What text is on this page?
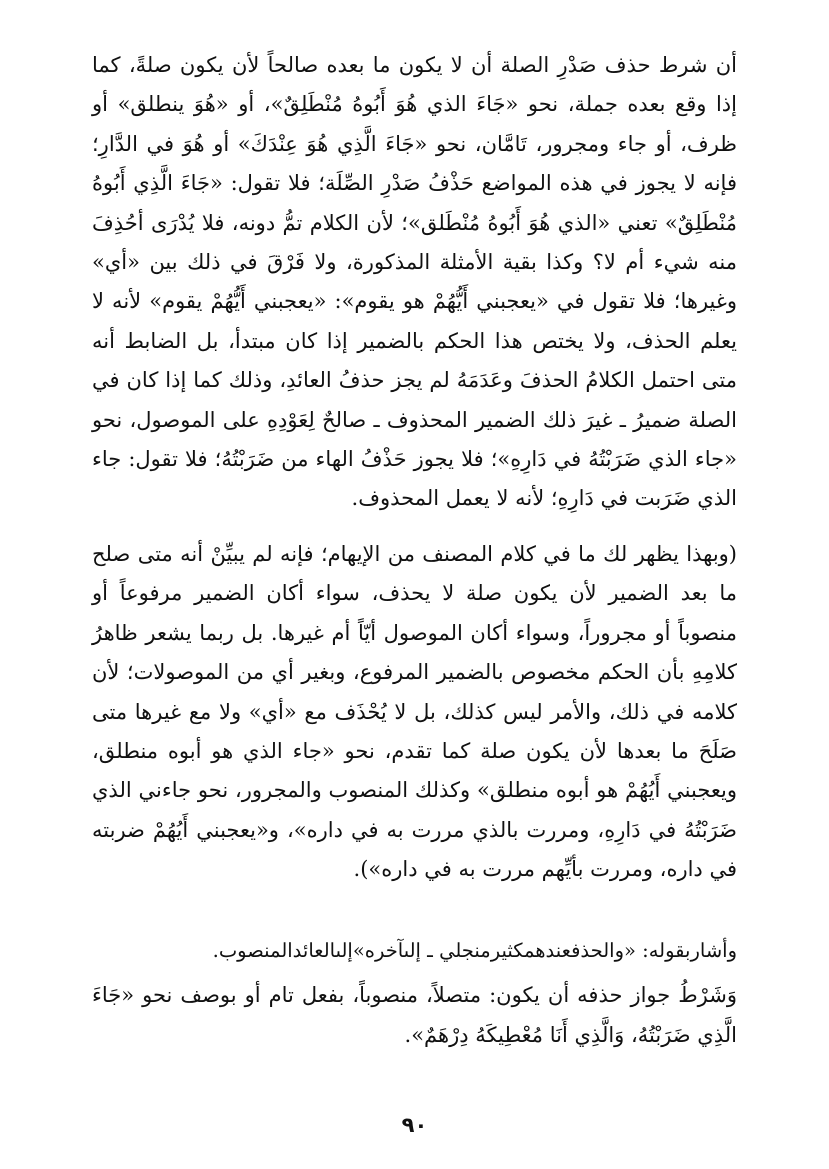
أن شرط حذف صَدْرِ الصلة أن لا يكون ما بعده صالحاً لأن يكون صلةً، كما إذا وقع بعده جملة، نحو «جَاءَ الذي هُوَ أَبُوهُ مُنْطَلِقٌ»، أو «هُوَ ينطلق» أو ظرف، أو جاء ومجرور، تَامَّان، نحو «جَاءَ الَّذِي هُوَ عِنْدَكَ» أو هُوَ في الدَّارِ؛ فإنه لا يجوز في هذه المواضع حَذْفُ صَدْرِ الصِّلَة؛ فلا تقول: «جَاءَ الَّذِي أَبُوهُ مُنْطَلِقٌ» تعني «الذي هُوَ أَبُوهُ مُنْطَلق»؛ لأن الكلام تمُّ دونه، فلا يُدْرَى أحُذِفَ منه شيء أم لا؟ وكذا بقية الأمثلة المذكورة، ولا فَرْقَ في ذلك بين «أي» وغيرها؛ فلا تقول في «يعجبني أَيُّهُمْ هو يقوم»: «يعجبني أَيُّهُمْ يقوم» لأنه لا يعلم الحذف، ولا يختص هذا الحكم بالضمير إذا كان مبتدأ، بل الضابط أنه متى احتمل الكلامُ الحذفَ وعَدَمَهُ لم يجز حذفُ العائدِ، وذلك كما إذا كان في الصلة ضميرُ ـ غيرَ ذلك الضمير المحذوف ـ صالحٌ لِعَوْدِهِ على الموصول، نحو «جاء الذي ضَرَبْتُهُ في دَارِهِ»؛ فلا يجوز حَذْفُ الهاء من ضَرَبْتُهُ؛ فلا تقول: جاء الذي ضَرَبت في دَارِهِ؛ لأنه لا يعمل المحذوف.

(وبهذا يظهر لك ما في كلام المصنف من الإيهام؛ فإنه لم يبيِّنْ أنه متى صلح ما بعد الضمير لأن يكون صلة لا يحذف، سواء أكان الضمير مرفوعاً أو منصوباً أو مجروراً، وسواء أكان الموصول أيّاً أم غيرها. بل ربما يشعر ظاهرُ كلامِهِ بأن الحكم مخصوص بالضمير المرفوع، وبغير أي من الموصولات؛ لأن كلامه في ذلك، والأمر ليس كذلك، بل لا يُحْذَف مع «أي» ولا مع غيرها متى صَلَحَ ما بعدها لأن يكون صلة كما تقدم، نحو «جاء الذي هو أبوه منطلق، ويعجبني أَيُهُمْ هو أبوه منطلق» وكذلك المنصوب والمجرور، نحو جاءني الذي ضَرَبْتُهُ في دَارِهِ، ومررت بالذي مررت به في داره»، و«يعجبني أَيُهُمْ ضربته في داره، ومررت بأيِّهم مررت به في داره»).

وأشاربقوله: «والحذفعندهمكثيرمنجلي ـ إلىآخره»إلىالعائدالمنصوب.

وَشَرْطُ جواز حذفه أن يكون: متصلاً، منصوباً، بفعل تام أو بوصف نحو «جَاءَ الَّذِي ضَرَبْتُهُ، وَالَّذِي أَنَا مُعْطِيكَهُ دِرْهَمٌ».

٩٠
